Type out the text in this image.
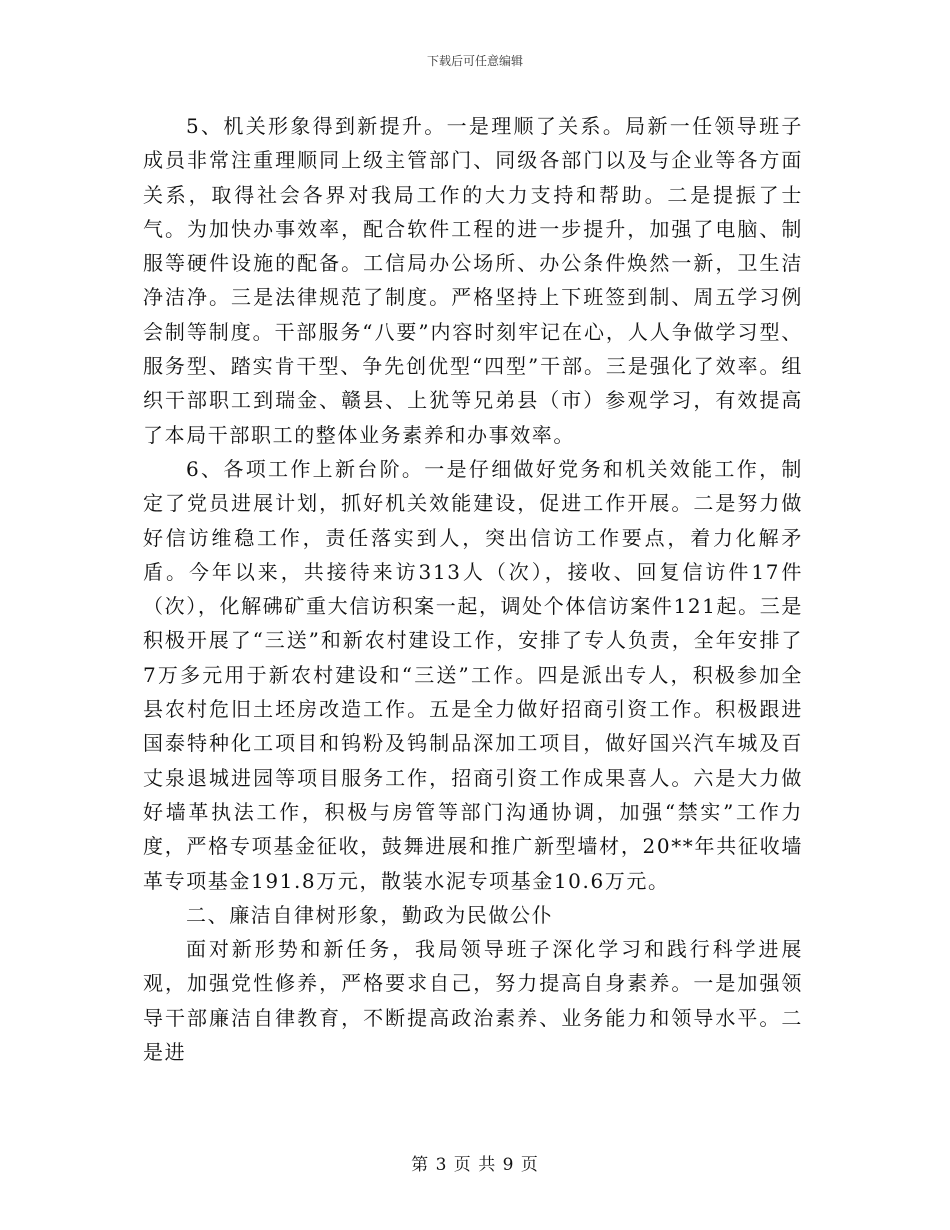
下载后可任意编辑

5、机关形象得到新提升。一是理顺了关系。局新一任领导班子成员非常注重理顺同上级主管部门、同级各部门以及与企业等各方面关系，取得社会各界对我局工作的大力支持和帮助。二是提振了士气。为加快办事效率，配合软件工程的进一步提升，加强了电脑、制服等硬件设施的配备。工信局办公场所、办公条件焕然一新，卫生洁净洁净。三是法律规范了制度。严格坚持上下班签到制、周五学习例会制等制度。干部服务“八要”内容时刻牢记在心，人人争做学习型、服务型、踏实肯干型、争先创优型“四型”干部。三是强化了效率。组织干部职工到瑞金、赣县、上犹等兄弟县（市）参观学习，有效提高了本局干部职工的整体业务素养和办事效率。

6、各项工作上新台阶。一是仔细做好党务和机关效能工作，制定了党员进展计划，抓好机关效能建设，促进工作开展。二是努力做好信访维稳工作，责任落实到人，突出信访工作要点，着力化解矛盾。今年以来，共接待来访313人（次），接收、回复信访件17件（次），化解砩矿重大信访积案一起，调处个体信访案件121起。三是积极开展了“三送”和新农村建设工作，安排了专人负责，全年安排了7万多元用于新农村建设和“三送”工作。四是派出专人，积极参加全县农村危旧土坯房改造工作。五是全力做好招商引资工作。积极跟进国泰特种化工项目和钨粉及钨制品深加工项目，做好国兴汽车城及百丈泉退城进园等项目服务工作，招商引资工作成果喜人。六是大力做好墙革执法工作，积极与房管等部门沟通协调，加强“禁实”工作力度，严格专项基金征收，鼓舞进展和推广新型墙材，20**年共征收墙革专项基金191.8万元，散装水泥专项基金10.6万元。

二、廉洁自律树形象，勤政为民做公仆

面对新形势和新任务，我局领导班子深化学习和践行科学进展观，加强党性修养，严格要求自己，努力提高自身素养。一是加强领导干部廉洁自律教育，不断提高政治素养、业务能力和领导水平。二是进

第 3 页 共 9 页
